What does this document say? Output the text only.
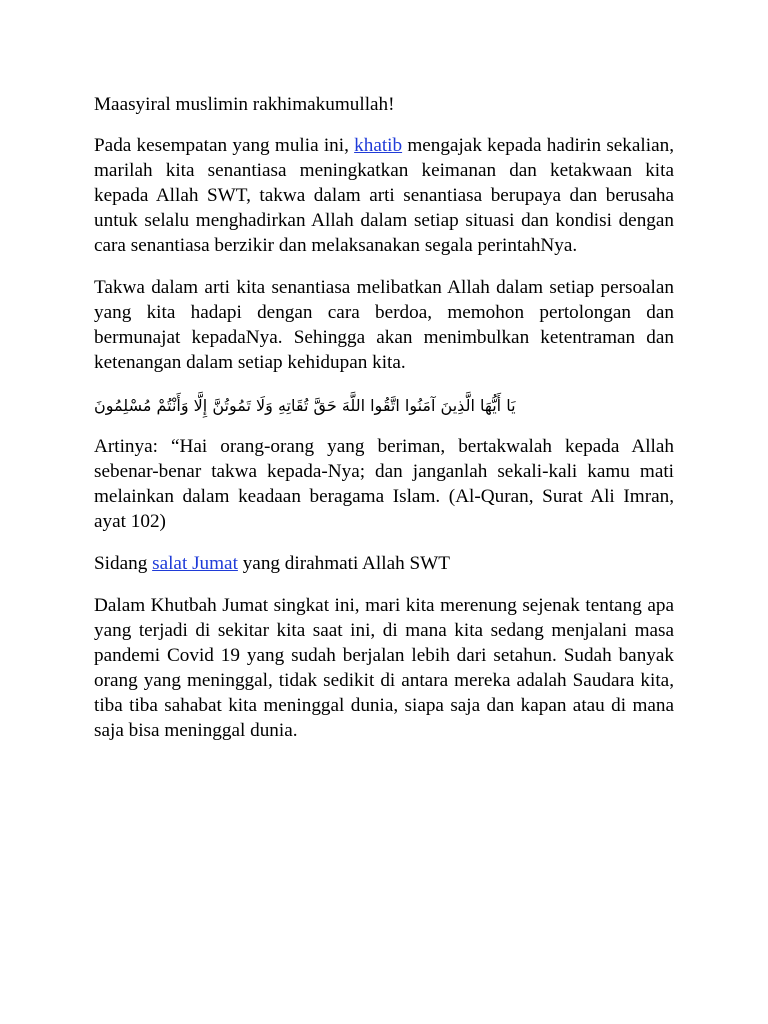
Maasyiral muslimin rakhimakumullah!

Pada kesempatan yang mulia ini, khatib mengajak kepada hadirin sekalian, marilah kita senantiasa meningkatkan keimanan dan ketakwaan kita kepada Allah SWT, takwa dalam arti senantiasa berupaya dan berusaha untuk selalu menghadirkan Allah dalam setiap situasi dan kondisi dengan cara senantiasa berzikir dan melaksanakan segala perintahNya.

Takwa dalam arti kita senantiasa melibatkan Allah dalam setiap persoalan yang kita hadapi dengan cara berdoa, memohon pertolongan dan bermunajat kepadaNya. Sehingga akan menimbulkan ketentraman dan ketenangan dalam setiap kehidupan kita.

يَا أَيُّهَا الَّذِينَ آمَنُوا اتَّقُوا اللَّهَ حَقَّ تُقَاتِهِ وَلَا تَمُوتُنَّ إِلَّا وَأَنْتُمْ مُسْلِمُونَ

Artinya: “Hai orang-orang yang beriman, bertakwalah kepada Allah sebenar-benar takwa kepada-Nya; dan janganlah sekali-kali kamu mati melainkan dalam keadaan beragama Islam. (Al-Quran, Surat Ali Imran, ayat 102)

Sidang salat Jumat yang dirahmati Allah SWT

Dalam Khutbah Jumat singkat ini, mari kita merenung sejenak tentang apa yang terjadi di sekitar kita saat ini, di mana kita sedang menjalani masa pandemi Covid 19 yang sudah berjalan lebih dari setahun. Sudah banyak orang yang meninggal, tidak sedikit di antara mereka adalah Saudara kita, tiba tiba sahabat kita meninggal dunia, siapa saja dan kapan atau di mana saja bisa meninggal dunia.
